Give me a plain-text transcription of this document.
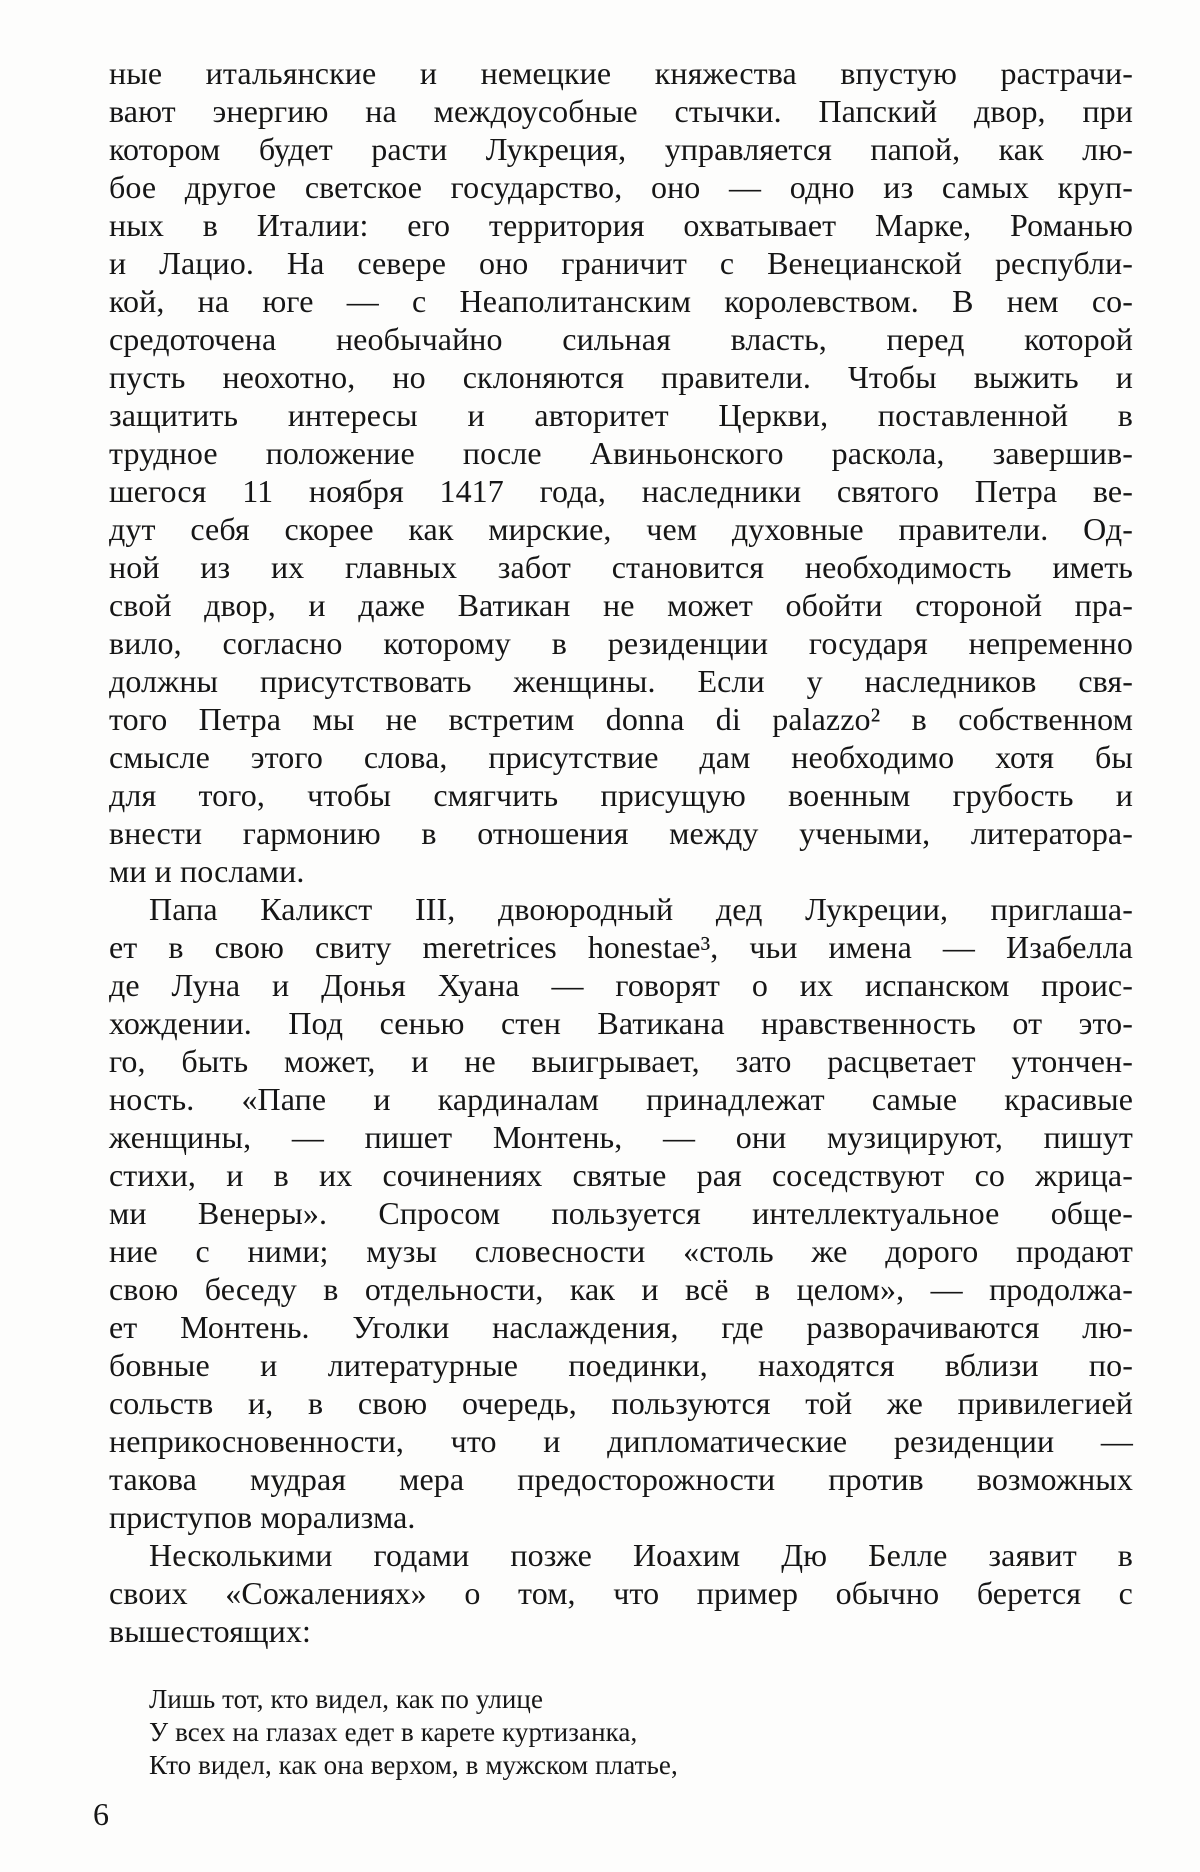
ные итальянские и немецкие княжества впустую растрачи-
вают энергию на междоусобные стычки. Папский двор, при
котором будет расти Лукреция, управляется папой, как лю-
бое другое светское государство, оно — одно из самых круп-
ных в Италии: его территория охватывает Марке, Романью
и Лацио. На севере оно граничит с Венецианской республи-
кой, на юге — с Неаполитанским королевством. В нем со-
средоточена необычайно сильная власть, перед которой
пусть неохотно, но склоняются правители. Чтобы выжить и
защитить интересы и авторитет Церкви, поставленной в
трудное положение после Авиньонского раскола, завершив-
шегося 11 ноября 1417 года, наследники святого Петра ве-
дут себя скорее как мирские, чем духовные правители. Од-
ной из их главных забот становится необходимость иметь
свой двор, и даже Ватикан не может обойти стороной пра-
вило, согласно которому в резиденции государя непременно
должны присутствовать женщины. Если у наследников свя-
того Петра мы не встретим donna di palazzo² в собственном
смысле этого слова, присутствие дам необходимо хотя бы
для того, чтобы смягчить присущую военным грубость и
внести гармонию в отношения между учеными, литератора-
ми и послами.
Папа Каликст III, двоюродный дед Лукреции, приглаша-
ет в свою свиту meretrices honestae³, чьи имена — Изабелла
де Луна и Донья Хуана — говорят о их испанском проис-
хождении. Под сенью стен Ватикана нравственность от это-
го, быть может, и не выигрывает, зато расцветает утончен-
ность. «Папе и кардиналам принадлежат самые красивые
женщины, — пишет Монтень, — они музицируют, пишут
стихи, и в их сочинениях святые рая соседствуют со жрица-
ми Венеры». Спросом пользуется интеллектуальное обще-
ние с ними; музы словесности «столь же дорого продают
свою беседу в отдельности, как и всё в целом», — продолжа-
ет Монтень. Уголки наслаждения, где разворачиваются лю-
бовные и литературные поединки, находятся вблизи по-
сольств и, в свою очередь, пользуются той же привилегией
неприкосновенности, что и дипломатические резиденции —
такова мудрая мера предосторожности против возможных
приступов морализма.
Несколькими годами позже Иоахим Дю Белле заявит в
своих «Сожалениях» о том, что пример обычно берется с
вышестоящих:
Лишь тот, кто видел, как по улице
У всех на глазах едет в карете куртизанка,
Кто видел, как она верхом, в мужском платье,
6
